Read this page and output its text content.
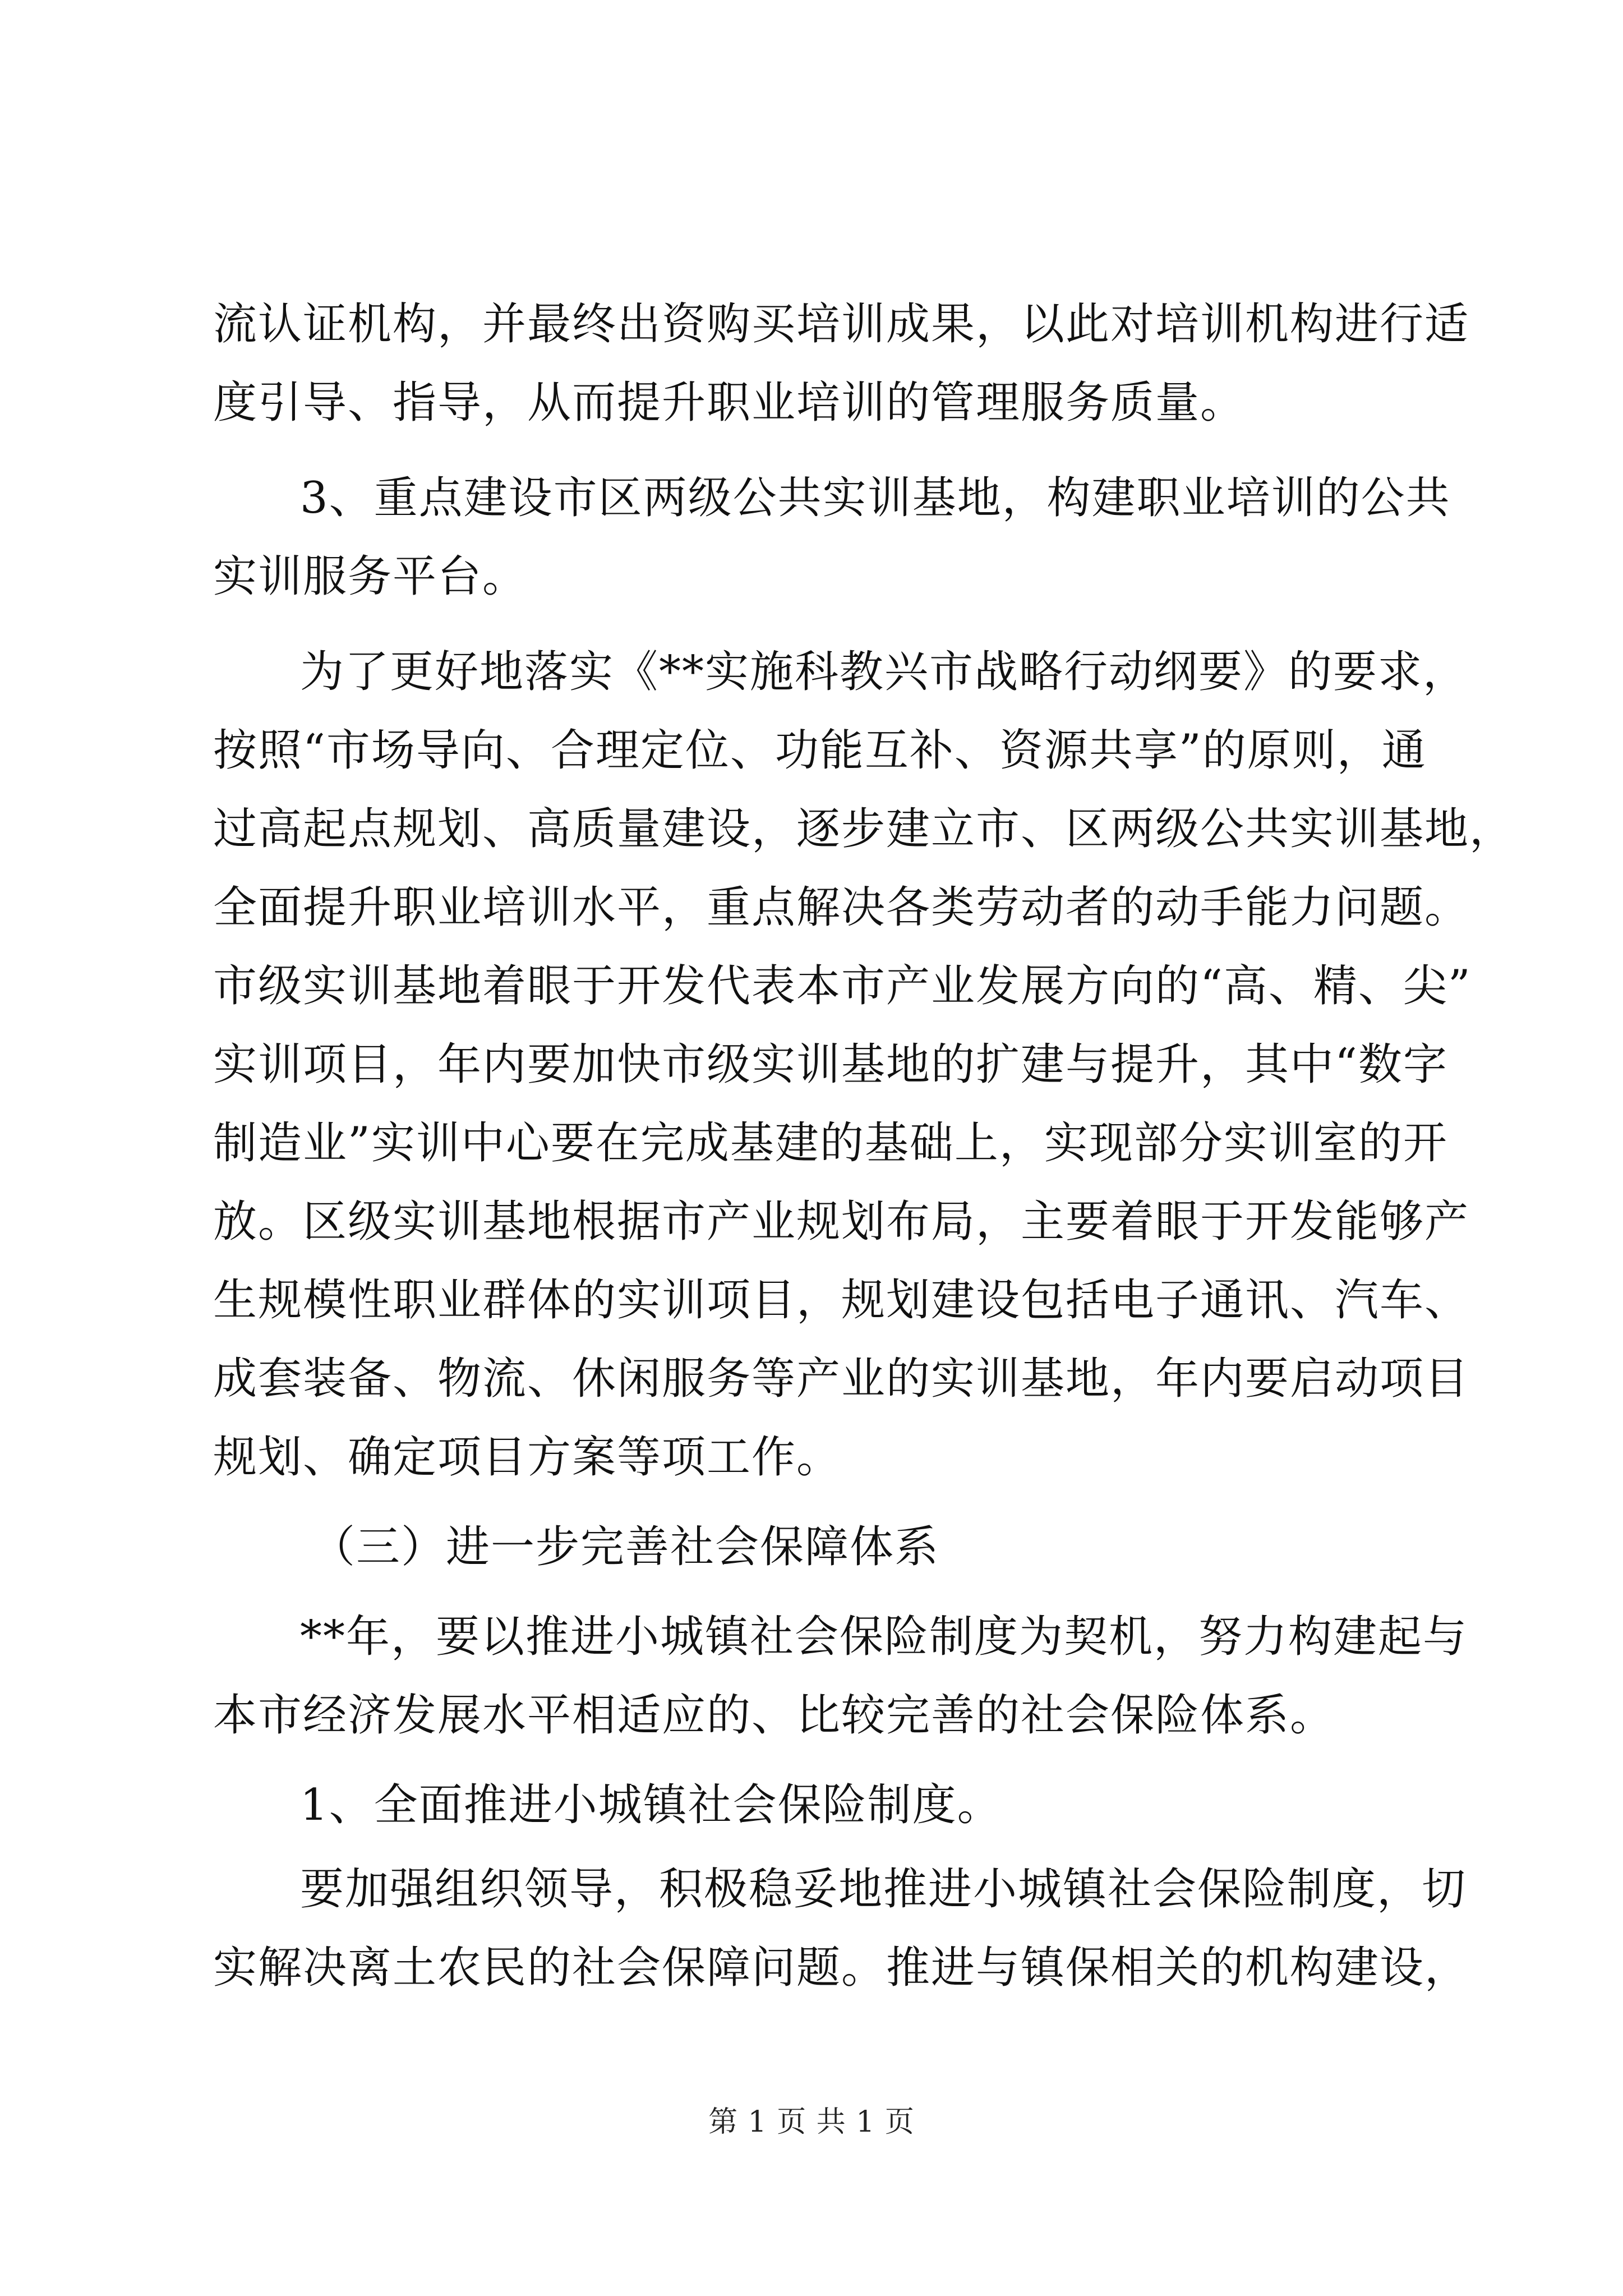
流认证机构，并最终出资购买培训成果，以此对培训机构进行适
度引导、指导，从而提升职业培训的管理服务质量。
3、重点建设市区两级公共实训基地，构建职业培训的公共
实训服务平台。
为了更好地落实《**实施科教兴市战略行动纲要》的要求，
按照“市场导向、合理定位、功能互补、资源共享”的原则，通
过高起点规划、高质量建设，逐步建立市、区两级公共实训基地，
全面提升职业培训水平，重点解决各类劳动者的动手能力问题。
市级实训基地着眼于开发代表本市产业发展方向的“高、精、尖”
实训项目，年内要加快市级实训基地的扩建与提升，其中“数字
制造业”实训中心要在完成基建的基础上，实现部分实训室的开
放。区级实训基地根据市产业规划布局，主要着眼于开发能够产
生规模性职业群体的实训项目，规划建设包括电子通讯、汽车、
成套装备、物流、休闲服务等产业的实训基地，年内要启动项目
规划、确定项目方案等项工作。
（三）进一步完善社会保障体系
**年，要以推进小城镇社会保险制度为契机，努力构建起与
本市经济发展水平相适应的、比较完善的社会保险体系。
1、全面推进小城镇社会保险制度。
要加强组织领导，积极稳妥地推进小城镇社会保险制度，切
实解决离土农民的社会保障问题。推进与镇保相关的机构建设，
第 1 页 共 1 页
